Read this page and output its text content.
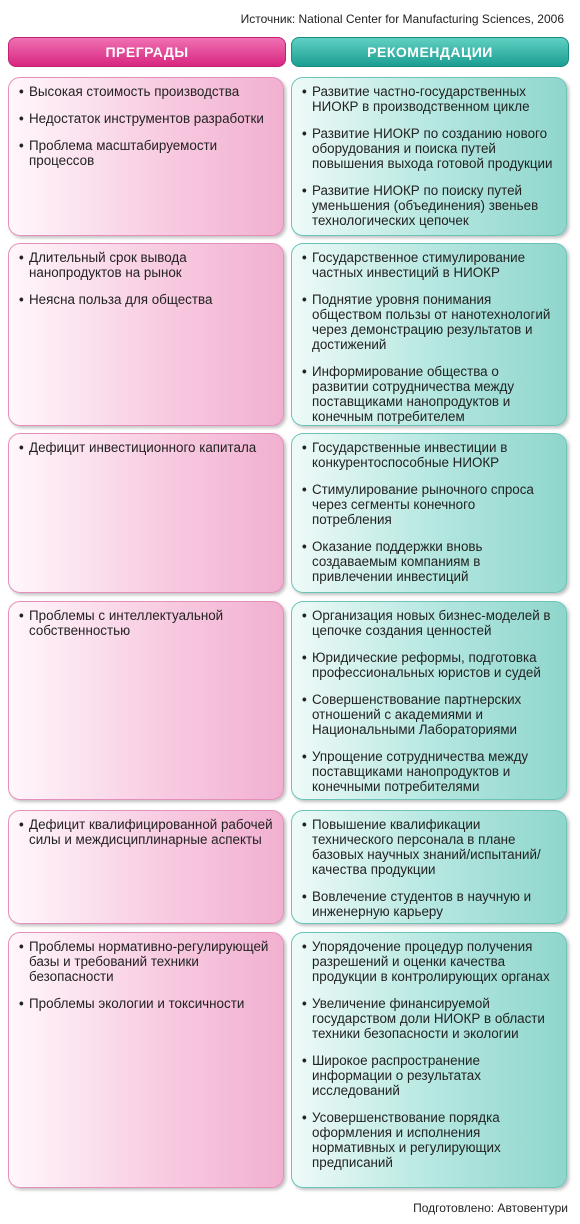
Источник: National Center for Manufacturing Sciences, 2006
ПРЕГРАДЫ	РЕКОМЕНДАЦИИ
• Высокая стоимость производства
• Недостаток инструментов разработки
• Проблема масштабируемости процессов
• Развитие частно-государственных НИОКР в производственном цикле
• Развитие НИОКР по созданию нового оборудования и поиска путей повышения выхода готовой продукции
• Развитие НИОКР по поиску путей уменьшения (объединения) звеньев технологических цепочек
• Длительный срок вывода нанопродуктов на рынок
• Неясна польза для общества
• Государственное стимулирование частных инвестиций в НИОКР
• Поднятие уровня понимания обществом пользы от нанотехнологий через демонстрацию результатов и достижений
• Информирование общества о развитии сотрудничества между поставщиками нанопродуктов и конечным потребителем
• Дефицит инвестиционного капитала	• Государственные инвестиции в конкурентоспособные НИОКР
• Стимулирование рыночного спроса через сегменты конечного потребления
• Оказание поддержки вновь создаваемым компаниям в привлечении инвестиций
• Проблемы с интеллектуальной собственностью
• Организация новых бизнес-моделей в цепочке создания ценностей
• Юридические реформы, подготовка профессиональных юристов и судей
• Совершенствование партнерских отношений с академиями и Национальными Лабораториями
• Упрощение сотрудничества между поставщиками нанопродуктов и конечными потребителями
• Дефицит квалифицированной рабочей силы и междисциплинарные аспекты
• Повышение квалификации технического персонала в плане базовых научных знаний/испытаний/ качества продукции
• Вовлечение студентов в научную и инженерную карьеру
• Проблемы нормативно-регулирующей базы и требований техники безопасности
• Проблемы экологии и токсичности
• Упорядочение процедур получения разрешений и оценки качества продукции в контролирующих органах
• Увеличение финансируемой государством доли НИОКР в области техники безопасности и экологии
• Широкое распространение информации о результатах исследований
• Усовершенствование порядка оформления и исполнения нормативных и регулирующих предписаний
Подготовлено: Автовентури
